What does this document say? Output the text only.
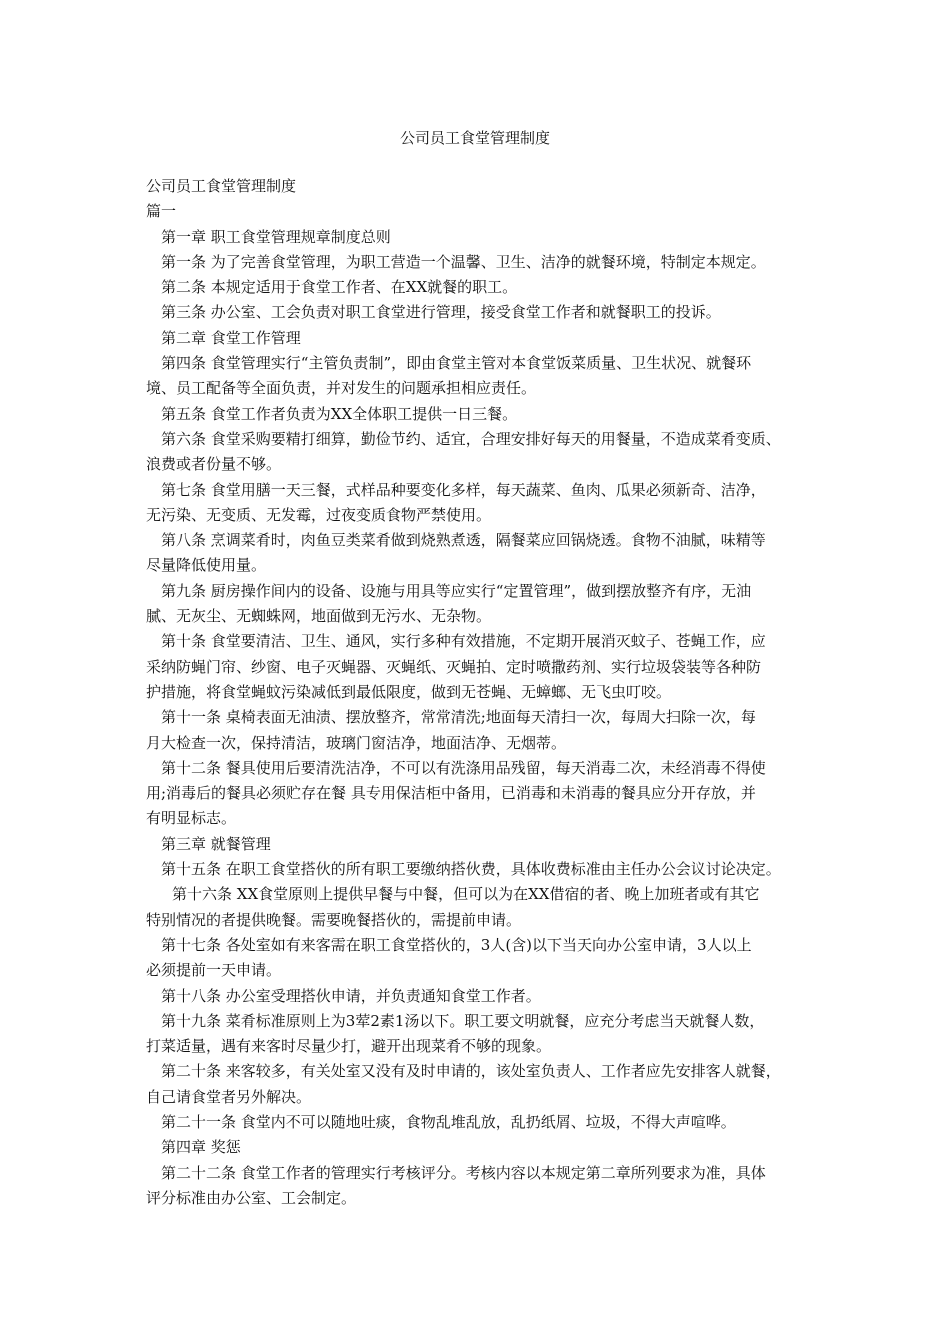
公司员工食堂管理制度
公司员工食堂管理制度
篇一
第一章 职工食堂管理规章制度总则
第一条 为了完善食堂管理，为职工营造一个温馨、卫生、洁净的就餐环境，特制定本规定。
第二条 本规定适用于食堂工作者、在XX就餐的职工。
第三条 办公室、工会负责对职工食堂进行管理，接受食堂工作者和就餐职工的投诉。
第二章 食堂工作管理
第四条 食堂管理实行“主管负责制”，即由食堂主管对本食堂饭菜质量、卫生状况、就餐环
境、员工配备等全面负责，并对发生的问题承担相应责任。
第五条 食堂工作者负责为XX全体职工提供一日三餐。
第六条 食堂采购要精打细算，勤俭节约、适宜，合理安排好每天的用餐量，不造成菜肴变质、
浪费或者份量不够。
第七条 食堂用膳一天三餐，式样品种要变化多样，每天蔬菜、鱼肉、瓜果必须新奇、洁净，
无污染、无变质、无发霉，过夜变质食物严禁使用。
第八条 烹调菜肴时，肉鱼豆类菜肴做到烧熟煮透，隔餐菜应回锅烧透。食物不油腻，味精等
尽量降低使用量。
第九条 厨房操作间内的设备、设施与用具等应实行“定置管理”，做到摆放整齐有序，无油
腻、无灰尘、无蜘蛛网，地面做到无污水、无杂物。
第十条 食堂要清洁、卫生、通风，实行多种有效措施，不定期开展消灭蚊子、苍蝇工作，应
采纳防蝇门帘、纱窗、电子灭蝇器、灭蝇纸、灭蝇拍、定时喷撒药剂、实行垃圾袋装等各种防
护措施，将食堂蝇蚊污染减低到最低限度，做到无苍蝇、无蟑螂、无飞虫叮咬。
第十一条 桌椅表面无油渍、摆放整齐，常常清洗;地面每天清扫一次，每周大扫除一次，每
月大检查一次，保持清洁，玻璃门窗洁净，地面洁净、无烟蒂。
第十二条 餐具使用后要清洗洁净，不可以有洗涤用品残留，每天消毒二次，未经消毒不得使
用;消毒后的餐具必须贮存在餐 具专用保洁柜中备用，已消毒和未消毒的餐具应分开存放，并
有明显标志。
第三章 就餐管理
第十五条 在职工食堂搭伙的所有职工要缴纳搭伙费，具体收费标准由主任办公会议讨论决定。
第十六条 XX食堂原则上提供早餐与中餐，但可以为在XX借宿的者、晚上加班者或有其它
特别情况的者提供晚餐。需要晚餐搭伙的，需提前申请。
第十七条 各处室如有来客需在职工食堂搭伙的，3人(含)以下当天向办公室申请，3人以上
必须提前一天申请。
第十八条 办公室受理搭伙申请，并负责通知食堂工作者。
第十九条 菜肴标准原则上为3荤2素1汤以下。职工要文明就餐，应充分考虑当天就餐人数，
打菜适量，遇有来客时尽量少打，避开出现菜肴不够的现象。
第二十条 来客较多，有关处室又没有及时申请的，该处室负责人、工作者应先安排客人就餐，
自己请食堂者另外解决。
第二十一条 食堂内不可以随地吐痰，食物乱堆乱放，乱扔纸屑、垃圾，不得大声喧哗。
第四章 奖惩
第二十二条 食堂工作者的管理实行考核评分。考核内容以本规定第二章所列要求为准，具体
评分标准由办公室、工会制定。
